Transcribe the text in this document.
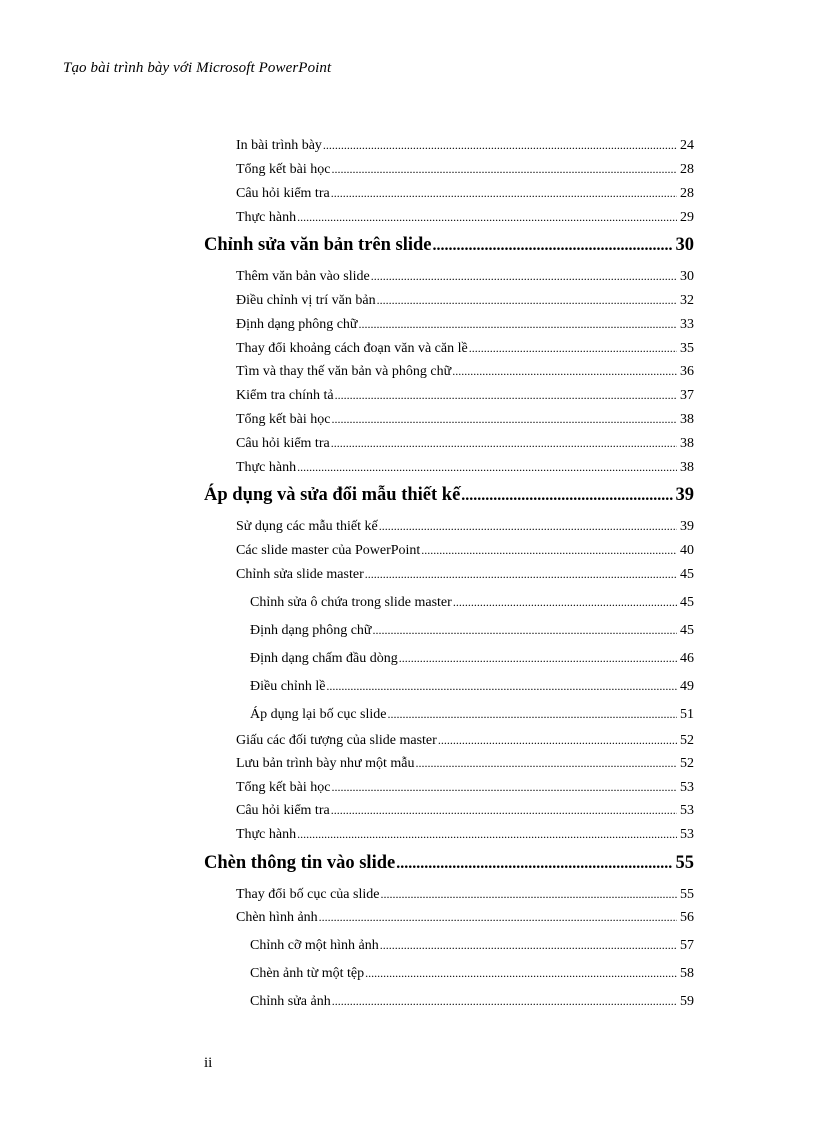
Tạo bài trình bày với Microsoft PowerPoint
In bài trình bày .....	24
Tổng kết bài học .....	28
Câu hỏi kiểm tra .....	28
Thực hành .....	29
Chỉnh sửa văn bản trên slide .....	30
Thêm văn bản vào slide .....	30
Điều chỉnh vị trí văn bản .....	32
Định dạng phông chữ .....	33
Thay đổi khoảng cách đoạn văn và căn lề .....	35
Tìm và thay thế văn bản và phông chữ .....	36
Kiểm tra chính tả .....	37
Tổng kết bài học .....	38
Câu hỏi kiểm tra .....	38
Thực hành .....	38
Áp dụng và sửa đổi mẫu thiết kế .....	39
Sử dụng các mẫu thiết kế .....	39
Các slide master của PowerPoint .....	40
Chỉnh sửa slide master .....	45
Chỉnh sửa ô chứa trong slide master .....	45
Định dạng phông chữ .....	45
Định dạng chấm đầu dòng .....	46
Điều chỉnh lề .....	49
Áp dụng lại bố cục slide .....	51
Giấu các đối tượng của slide master .....	52
Lưu bản trình bày như một mẫu .....	52
Tổng kết bài học .....	53
Câu hỏi kiểm tra .....	53
Thực hành .....	53
Chèn thông tin vào slide .....	55
Thay đổi bố cục của slide .....	55
Chèn hình ảnh .....	56
Chỉnh cỡ một hình ảnh .....	57
Chèn ảnh từ một tệp .....	58
Chỉnh sửa ảnh .....	59
ii
